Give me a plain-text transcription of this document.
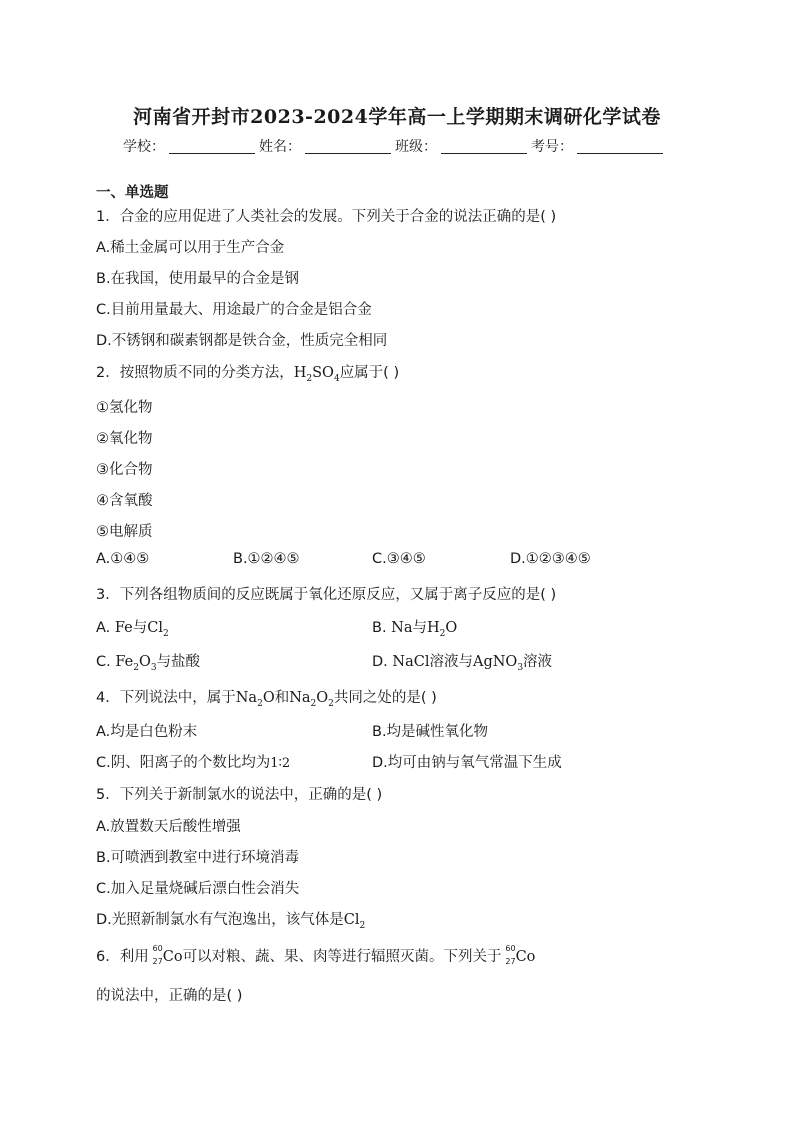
河南省开封市2023-2024学年高一上学期期末调研化学试卷
学校：	姓名：	班级：	考号：
一、单选题
1．合金的应用促进了人类社会的发展。下列关于合金的说法正确的是( )
A.稀土金属可以用于生产合金
B.在我国，使用最早的合金是钢
C.目前用量最大、用途最广的合金是铝合金
D.不锈钢和碳素钢都是铁合金，性质完全相同
2．按照物质不同的分类方法，$H_2SO_4$应属于( )
①氢化物
②氧化物
③化合物
④含氧酸
⑤电解质
A.①④⑤	B.①②④⑤	C.③④⑤	D.①②③④⑤
3．下列各组物质间的反应既属于氧化还原反应，又属于离子反应的是( )
A. Fe与$Cl_2$	B. Na与$H_2O$
C. $Fe_2O_3$与盐酸	D. NaCl溶液与AgNO$_3$溶液
4．下列说法中，属于$Na_2O$和$Na_2O_2$共同之处的是( )
A.均是白色粉末	B.均是碱性氧化物
C.阴、阳离子的个数比均为1∶2	D.均可由钠与氧气常温下生成
5．下列关于新制氯水的说法中，正确的是( )
A.放置数天后酸性增强
B.可喷洒到教室中进行环境消毒
C.加入足量烧碱后漂白性会消失
D.光照新制氯水有气泡逸出，该气体是$Cl_2$
6．利用
60
27 Co可以对粮、蔬、果、肉等进行辐照灭菌。下列关于
60
27 Co
的说法中，正确的是( )
